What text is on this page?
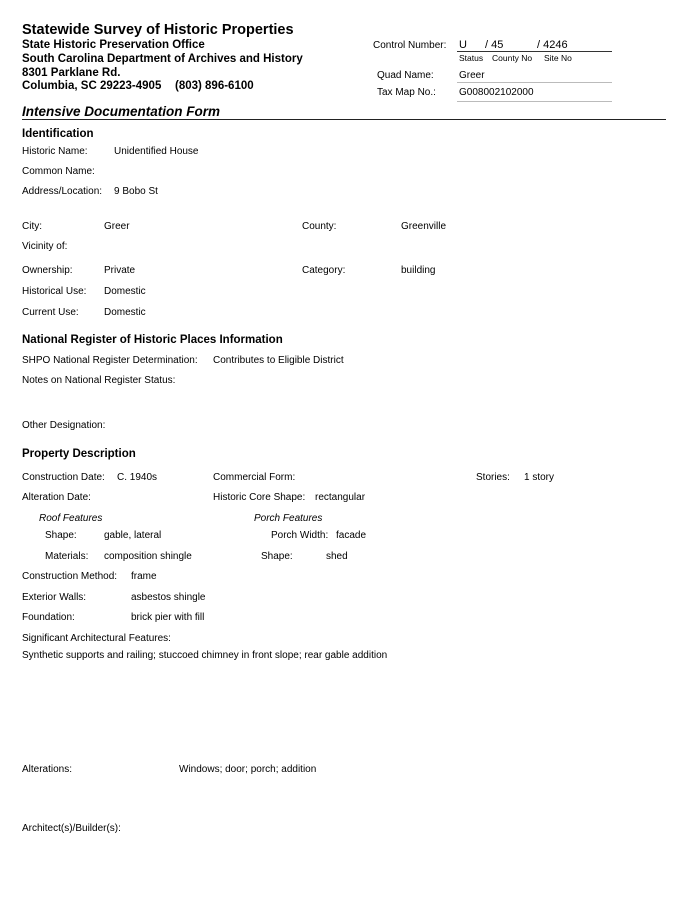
Statewide Survey of Historic Properties
State Historic Preservation Office
South Carolina Department of Archives and History
8301 Parklane Rd.
Columbia, SC 29223-4905 (803) 896-6100
Control Number: U / 45	/ 4246
Status County No Site No
Quad Name:	Greer
Tax Map No.: G008002102000
Intensive Documentation Form
Identification
Historic Name:	Unidentified House
Common Name:
Address/Location: 9 Bobo St
City:	Greer	County:	Greenville
Vicinity of:
Ownership:	Private	Category:	building
Historical Use: Domestic
Current Use:	Domestic
National Register of Historic Places Information
SHPO National Register Determination: Contributes to Eligible District
Notes on National Register Status:
Other Designation:
Property Description
Construction Date: C. 1940s	Commercial Form:	Stories: 1 story
Alteration Date:	Historic Core Shape: rectangular
Roof Features	Porch Features
Shape:	gable, lateral	Porch Width: facade
Materials: composition shingle	Shape:	shed
Construction Method: frame
Exterior Walls:	asbestos shingle
Foundation:	brick pier with fill
Significant Architectural Features:
Synthetic supports and railing; stuccoed chimney in front slope; rear gable addition
Alterations:	Windows; door; porch; addition
Architect(s)/Builder(s):
